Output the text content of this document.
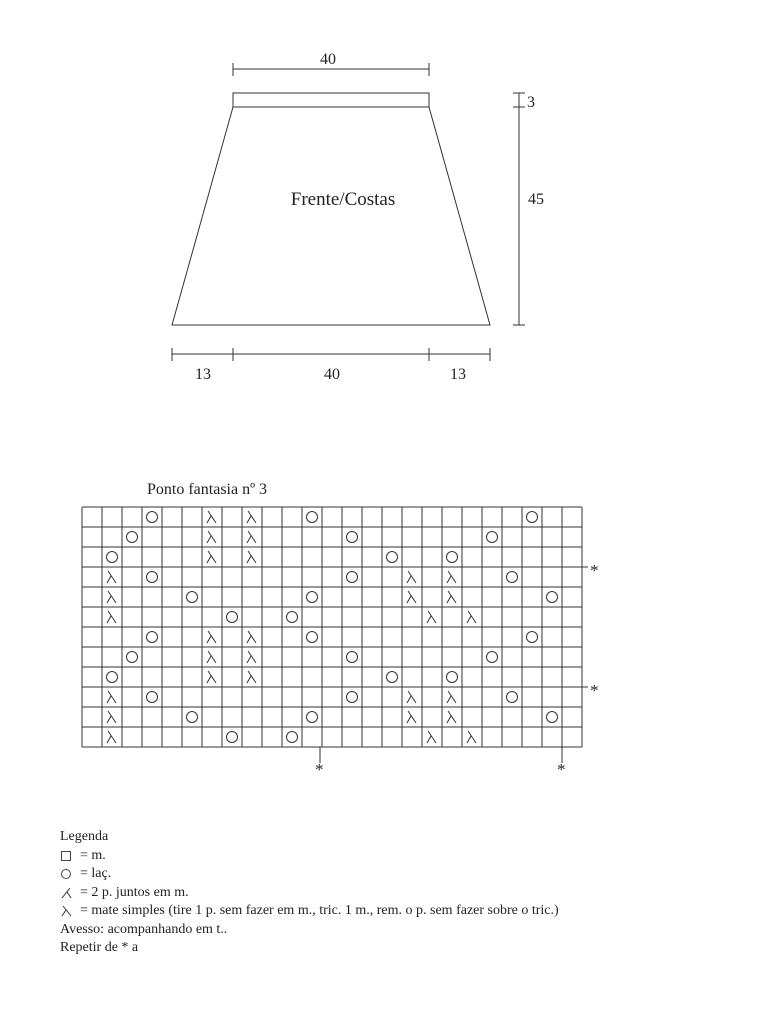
40
Frente/Costas
3
45
13	40	13
Ponto fantasia nº 3
*
*
*	*
Legenda
= m.
= laç.
= 2 p. juntos em m.
= mate simples (tire 1 p. sem fazer em m., tric. 1 m., rem. o p. sem fazer sobre o tric.)
Avesso: acompanhando em t..
Repetir de * a
